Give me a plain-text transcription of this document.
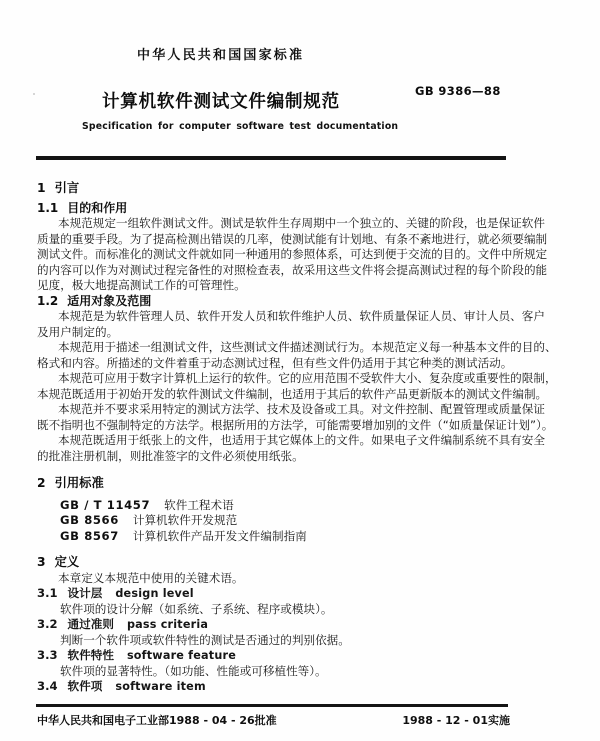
中华人民共和国国家标准
计算机软件测试文件编制规范
GB 9386—88
Specification for computer software test documentation
1 引言
1.1 目的和作用
本规范规定一组软件测试文件。测试是软件生存周期中一个独立的、关键的阶段，也是保证软件
质量的重要手段。为了提高检测出错误的几率，使测试能有计划地、有条不紊地进行，就必须要编制
测试文件。而标准化的测试文件就如同一种通用的参照体系，可达到便于交流的目的。文件中所规定
的内容可以作为对测试过程完备性的对照检查表，故采用这些文件将会提高测试过程的每个阶段的能
见度，极大地提高测试工作的可管理性。
1.2 适用对象及范围
本规范是为软件管理人员、软件开发人员和软件维护人员、软件质量保证人员、审计人员、客户
及用户制定的。
本规范用于描述一组测试文件，这些测试文件描述测试行为。本规范定义每一种基本文件的目的、
格式和内容。所描述的文件着重于动态测试过程，但有些文件仍适用于其它种类的测试活动。
本规范可应用于数字计算机上运行的软件。它的应用范围不受软件大小、复杂度或重要性的限制，
本规范既适用于初始开发的软件测试文件编制，也适用于其后的软件产品更新版本的测试文件编制。
本规范并不要求采用特定的测试方法学、技术及设备或工具。对文件控制、配置管理或质量保证
既不指明也不强制特定的方法学。根据所用的方法学，可能需要增加别的文件（“如质量保证计划”）。
本规范既适用于纸张上的文件，也适用于其它媒体上的文件。如果电子文件编制系统不具有安全
的批准注册机制，则批准签字的文件必须使用纸张。
2 引用标准
GB / T 11457 软件工程术语
GB 8566 计算机软件开发规范
GB 8567 计算机软件产品开发文件编制指南
3 定义
本章定义本规范中使用的关键术语。
3.1 设计层 design level
软件项的设计分解（如系统、子系统、程序或模块）。
3.2 通过准则 pass criteria
判断一个软件项或软件特性的测试是否通过的判别依据。
3.3 软件特性 software feature
软件项的显著特性。（如功能、性能或可移植性等）。
3.4 软件项 software item
中华人民共和国电子工业部1988 - 04 - 26批准	1988 - 12 - 01实施
